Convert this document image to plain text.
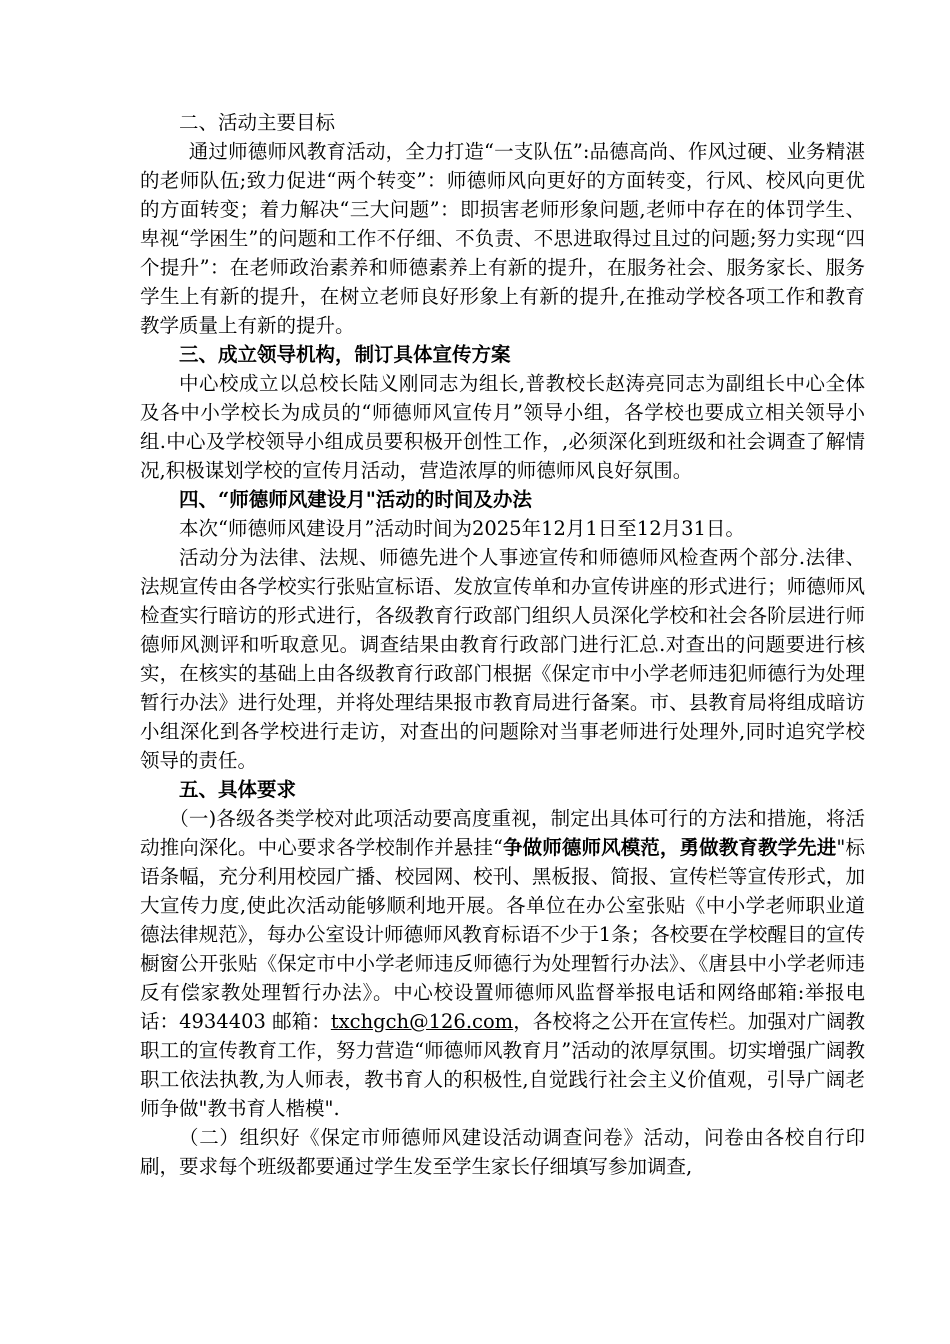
二、活动主要目标

通过师德师风教育活动，全力打造“一支队伍”:品德高尚、作风过硬、业务精湛的老师队伍;致力促进“两个转变”：师德师风向更好的方面转变，行风、校风向更优的方面转变；着力解决“三大问题”：即损害老师形象问题,老师中存在的体罚学生、卑视“学困生”的问题和工作不仔细、不负责、不思进取得过且过的问题;努力实现“四个提升”：在老师政治素养和师德素养上有新的提升，在服务社会、服务家长、服务学生上有新的提升，在树立老师良好形象上有新的提升,在推动学校各项工作和教育教学质量上有新的提升。

三、成立领导机构，制订具体宣传方案

中心校成立以总校长陆义刚同志为组长,普教校长赵涛亮同志为副组长中心全体及各中小学校长为成员的“师德师风宣传月”领导小组，各学校也要成立相关领导小组.中心及学校领导小组成员要积极开创性工作，,必须深化到班级和社会调查了解情况,积极谋划学校的宣传月活动，营造浓厚的师德师风良好氛围。

四、“师德师风建设月"活动的时间及办法

本次“师德师风建设月”活动时间为2025年12月1日至12月31日。

活动分为法律、法规、师德先进个人事迹宣传和师德师风检查两个部分.法律、法规宣传由各学校实行张贴宣标语、发放宣传单和办宣传讲座的形式进行；师德师风检查实行暗访的形式进行，各级教育行政部门组织人员深化学校和社会各阶层进行师德师风测评和听取意见。调查结果由教育行政部门进行汇总.对查出的问题要进行核实，在核实的基础上由各级教育行政部门根据《保定市中小学老师违犯师德行为处理暂行办法》进行处理，并将处理结果报市教育局进行备案。市、县教育局将组成暗访小组深化到各学校进行走访，对查出的问题除对当事老师进行处理外,同时追究学校领导的责任。

五、具体要求

（一)各级各类学校对此项活动要高度重视，制定出具体可行的方法和措施，将活动推向深化。中心要求各学校制作并悬挂“争做师德师风模范，勇做教育教学先进"标语条幅，充分利用校园广播、校园网、校刊、黑板报、简报、宣传栏等宣传形式，加大宣传力度,使此次活动能够顺利地开展。各单位在办公室张贴《中小学老师职业道德法律规范》，每办公室设计师德师风教育标语不少于1条；各校要在学校醒目的宣传橱窗公开张贴《保定市中小学老师违反师德行为处理暂行办法》、《唐县中小学老师违反有偿家教处理暂行办法》。中心校设置师德师风监督举报电话和网络邮箱:举报电话：4934403 邮箱：txchgch@126.com，各校将之公开在宣传栏。加强对广阔教职工的宣传教育工作，努力营造“师德师风教育月”活动的浓厚氛围。切实增强广阔教职工依法执教,为人师表，教书育人的积极性,自觉践行社会主义价值观，引导广阔老师争做"教书育人楷模".

（二）组织好《保定市师德师风建设活动调查问卷》活动，问卷由各校自行印刷，要求每个班级都要通过学生发至学生家长仔细填写参加调查,
